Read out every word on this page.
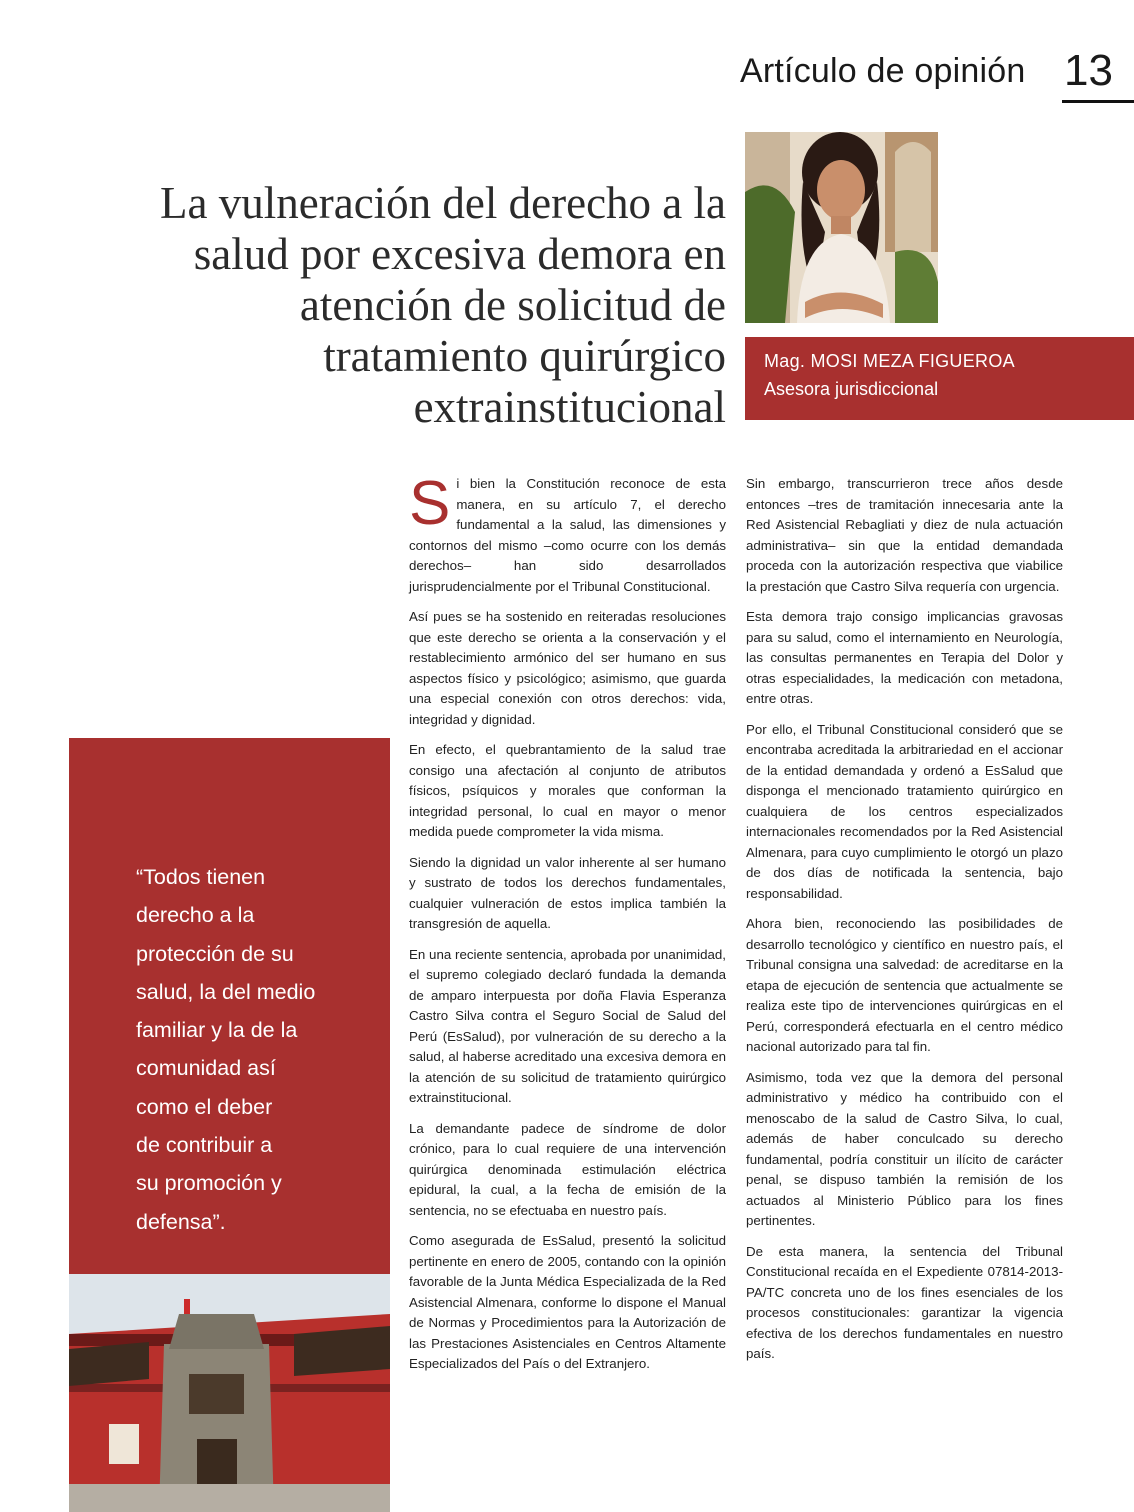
Artículo de opinión 13
La vulneración del derecho a la salud por excesiva demora en atención de solicitud de tratamiento quirúrgico extrainstitucional
Mag. MOSI MEZA FIGUEROA
Asesora jurisdiccional
“Todos tienen
derecho a la
protección de su
salud, la del medio
familiar y la de la
comunidad así
como el deber
de contribuir a
su promoción y
defensa”.

Si bien la Constitución reconoce de esta manera, en su artículo 7, el derecho fundamental a la salud, las dimensiones y contornos del mismo –como ocurre con los demás derechos– han sido desarrollados jurisprudencialmente por el Tribunal Constitucional.

Así pues se ha sostenido en reiteradas resoluciones que este derecho se orienta a la conservación y el restablecimiento armónico del ser humano en sus aspectos físico y psicológico; asimismo, que guarda una especial conexión con otros derechos: vida, integridad y dignidad.

En efecto, el quebrantamiento de la salud trae consigo una afectación al conjunto de atributos físicos, psíquicos y morales que conforman la integridad personal, lo cual en mayor o menor medida puede comprometer la vida misma.

Siendo la dignidad un valor inherente al ser humano y sustrato de todos los derechos fundamentales, cualquier vulneración de estos implica también la transgresión de aquella.

En una reciente sentencia, aprobada por unanimidad, el supremo colegiado declaró fundada la demanda de amparo interpuesta por doña Flavia Esperanza Castro Silva contra el Seguro Social de Salud del Perú (EsSalud), por vulneración de su derecho a la salud, al haberse acreditado una excesiva demora en la atención de su solicitud de tratamiento quirúrgico extrainstitucional.

La demandante padece de síndrome de dolor crónico, para lo cual requiere de una intervención quirúrgica denominada estimulación eléctrica epidural, la cual, a la fecha de emisión de la sentencia, no se efectuaba en nuestro país.

Como asegurada de EsSalud, presentó la solicitud pertinente en enero de 2005, contando con la opinión favorable de la Junta Médica Especializada de la Red Asistencial Almenara, conforme lo dispone el Manual de Normas y Procedimientos para la Autorización de las Prestaciones Asistenciales en Centros Altamente Especializados del País o del Extranjero.

Sin embargo, transcurrieron trece años desde entonces –tres de tramitación innecesaria ante la Red Asistencial Rebagliati y diez de nula actuación administrativa– sin que la entidad demandada proceda con la autorización respectiva que viabilice la prestación que Castro Silva requería con urgencia.

Esta demora trajo consigo implicancias gravosas para su salud, como el internamiento en Neurología, las consultas permanentes en Terapia del Dolor y otras especialidades, la medicación con metadona, entre otras.

Por ello, el Tribunal Constitucional consideró que se encontraba acreditada la arbitrariedad en el accionar de la entidad demandada y ordenó a EsSalud que disponga el mencionado tratamiento quirúrgico en cualquiera de los centros especializados internacionales recomendados por la Red Asistencial Almenara, para cuyo cumplimiento le otorgó un plazo de dos días de notificada la sentencia, bajo responsabilidad.

Ahora bien, reconociendo las posibilidades de desarrollo tecnológico y científico en nuestro país, el Tribunal consigna una salvedad: de acreditarse en la etapa de ejecución de sentencia que actualmente se realiza este tipo de intervenciones quirúrgicas en el Perú, corresponderá efectuarla en el centro médico nacional autorizado para tal fin.

Asimismo, toda vez que la demora del personal administrativo y médico ha contribuido con el menoscabo de la salud de Castro Silva, lo cual, además de haber conculcado su derecho fundamental, podría constituir un ilícito de carácter penal, se dispuso también la remisión de los actuados al Ministerio Público para los fines pertinentes.

De esta manera, la sentencia del Tribunal Constitucional recaída en el Expediente 07814-2013-PA/TC concreta uno de los fines esenciales de los procesos constitucionales: garantizar la vigencia efectiva de los derechos fundamentales en nuestro país.
